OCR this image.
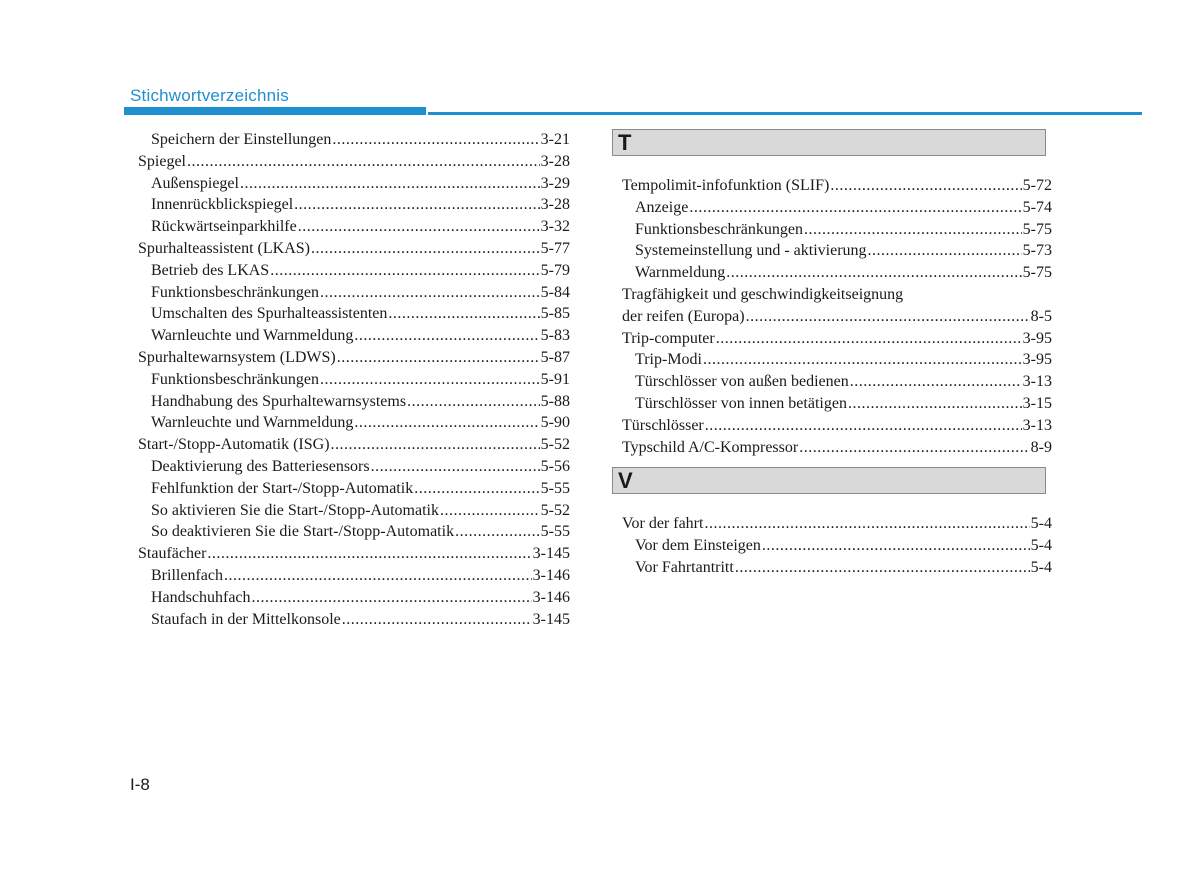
Stichwortverzeichnis
Speichern der Einstellungen .....	3-21
Spiegel .....	3-28
Außenspiegel .....	3-29
Innenrückblickspiegel .....	3-28
Rückwärtseinparkhilfe .....	3-32
Spurhalteassistent (LKAS) .....	5-77
Betrieb des LKAS .....	5-79
Funktionsbeschränkungen .....	5-84
Umschalten des Spurhalteassistenten .....	5-85
Warnleuchte und Warnmeldung .....	5-83
Spurhaltewarnsystem (LDWS) .....	5-87
Funktionsbeschränkungen .....	5-91
Handhabung des Spurhaltewarnsystems .....	5-88
Warnleuchte und Warnmeldung .....	5-90
Start-/Stopp-Automatik (ISG) .....	5-52
Deaktivierung des Batteriesensors .....	5-56
Fehlfunktion der Start-/Stopp-Automatik .....	5-55
So aktivieren Sie die Start-/Stopp-Automatik .....	5-52
So deaktivieren Sie die Start-/Stopp-Automatik .....	5-55
Staufächer .....	3-145
Brillenfach .....	3-146
Handschuhfach .....	3-146
Staufach in der Mittelkonsole .....	3-145
T
Tempolimit-infofunktion (SLIF) .....	5-72
Anzeige .....	5-74
Funktionsbeschränkungen .....	5-75
Systemeinstellung und - aktivierung .....	5-73
Warnmeldung .....	5-75
Tragfähigkeit und geschwindigkeitseignung
der reifen (Europa) .....	8-5
Trip-computer .....	3-95
Trip-Modi .....	3-95
Türschlösser von außen bedienen .....	3-13
Türschlösser von innen betätigen .....	3-15
Türschlösser .....	3-13
Typschild A/C-Kompressor .....	8-9
V
Vor der fahrt .....	5-4
Vor dem Einsteigen .....	5-4
Vor Fahrtantritt .....	5-4
I-8
